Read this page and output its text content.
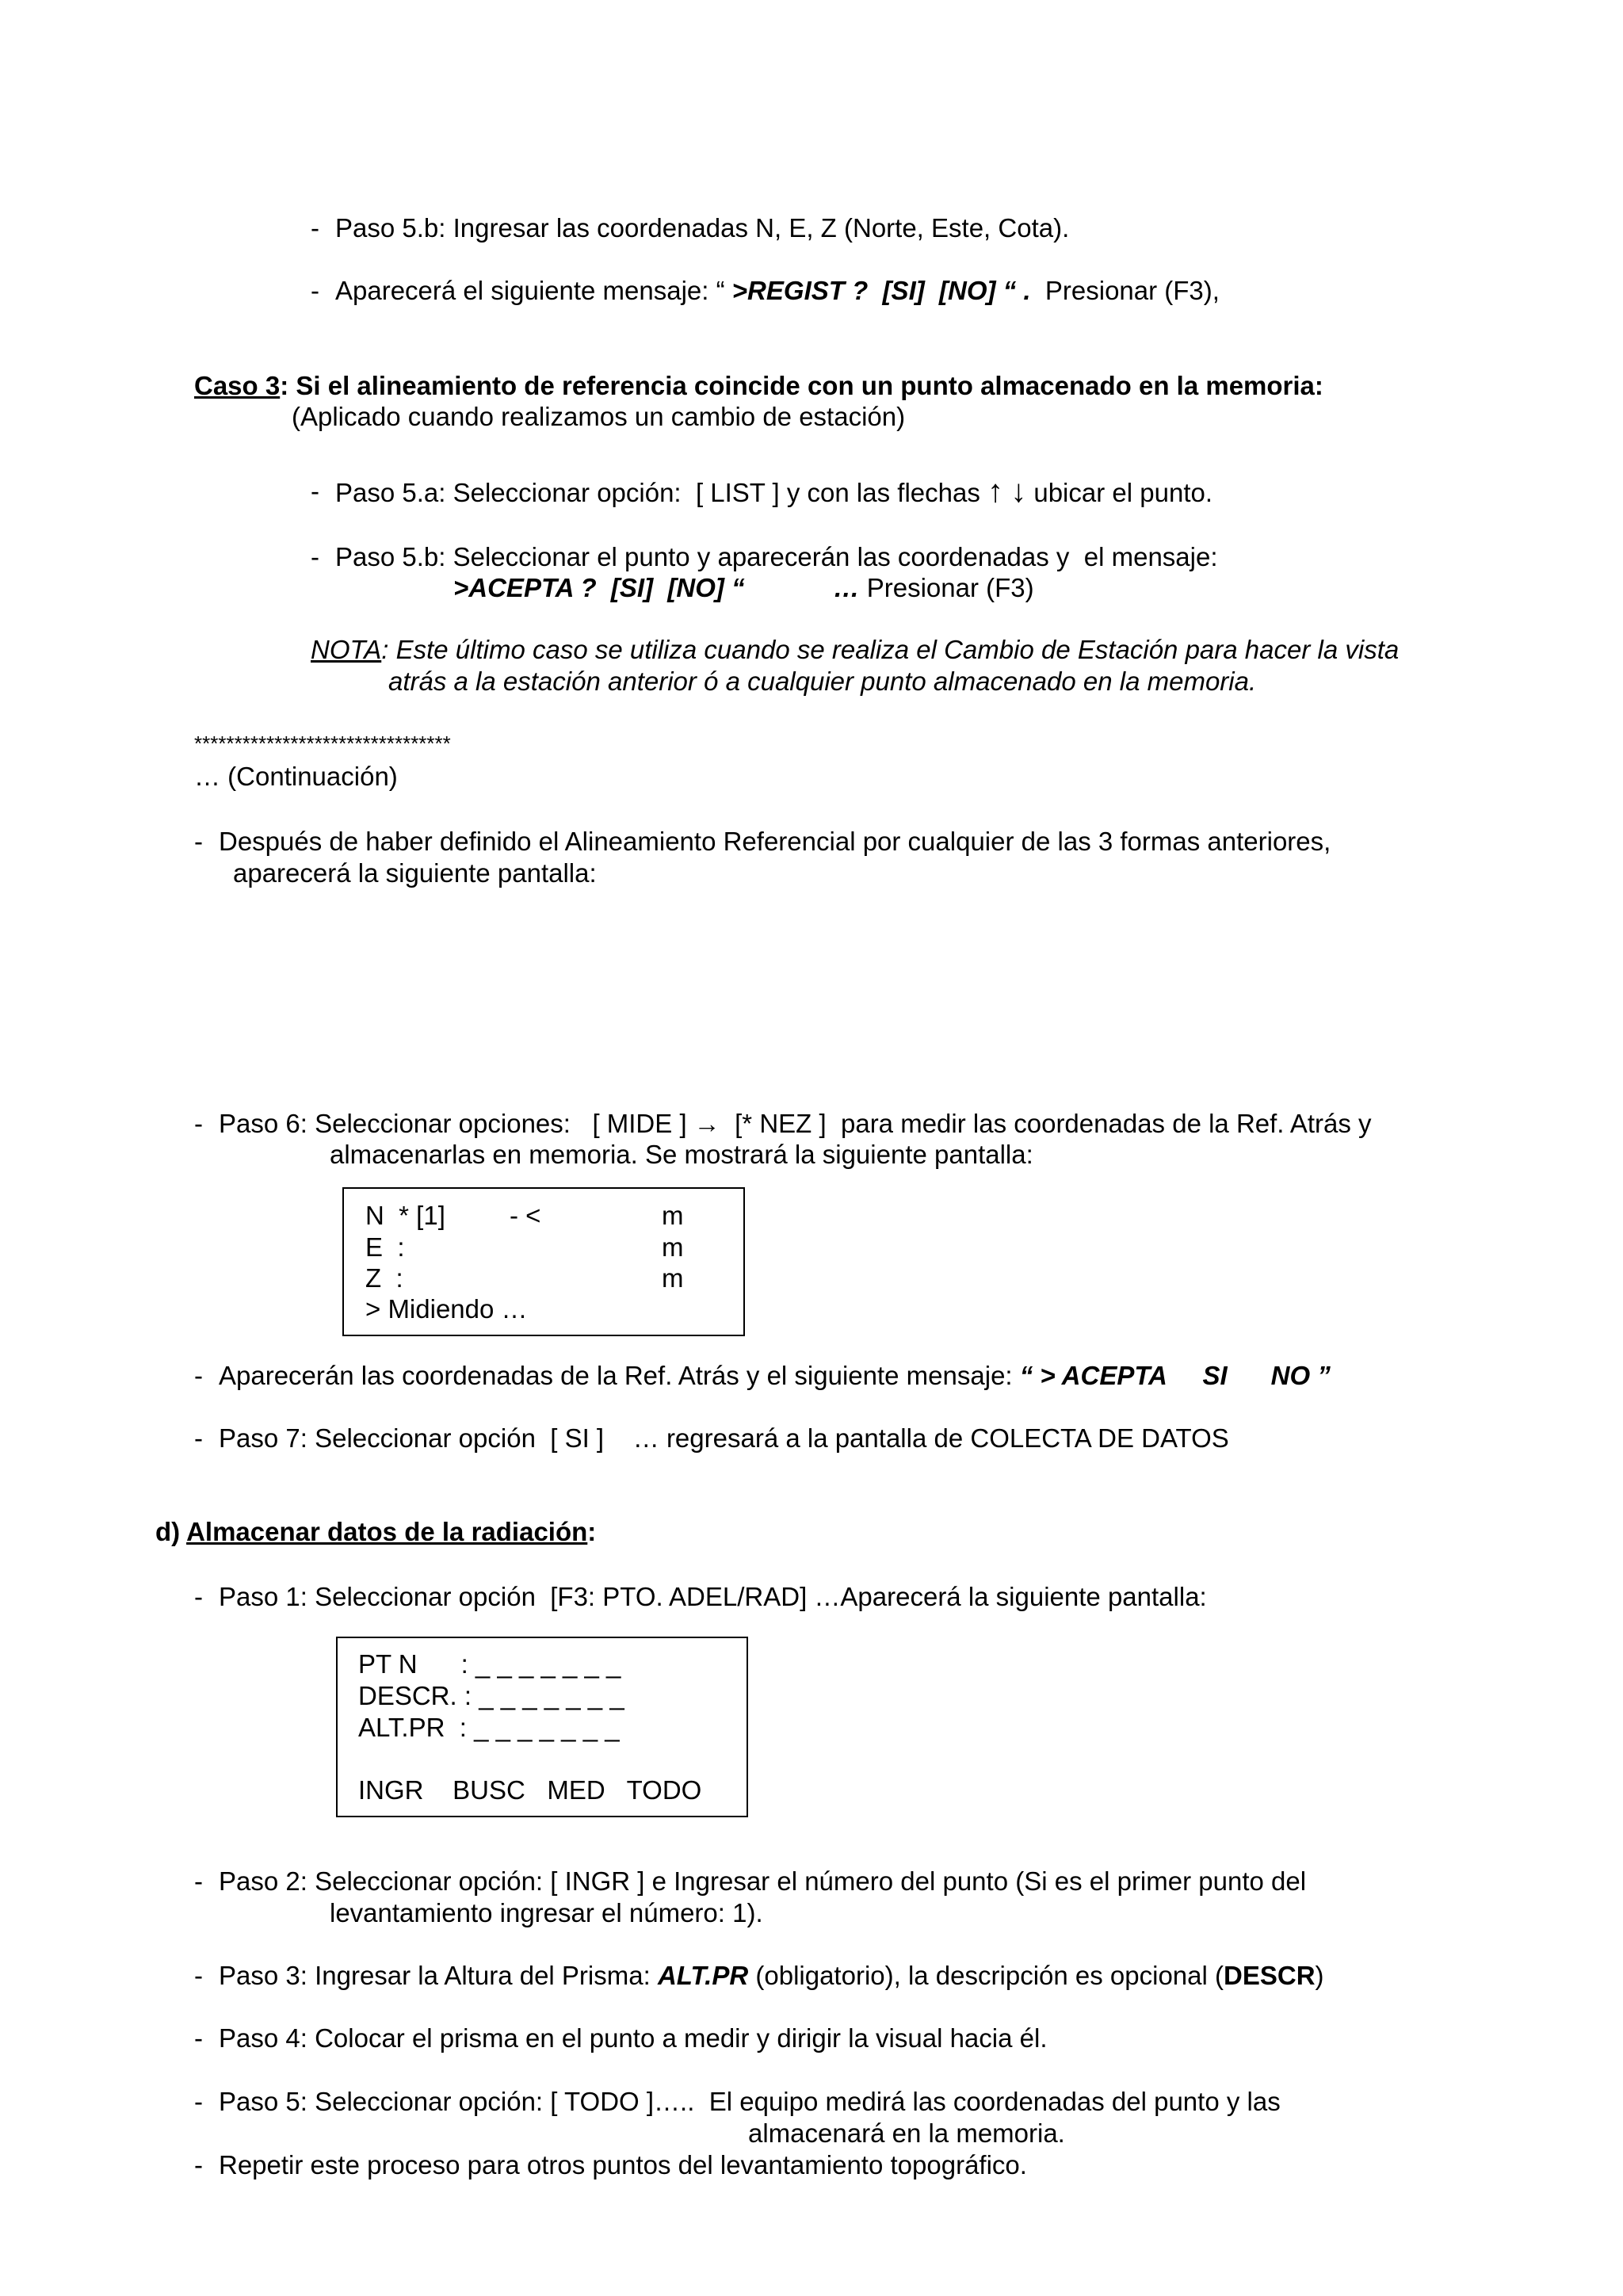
- Paso 5.b: Ingresar las coordenadas N, E, Z (Norte, Este, Cota).
- Aparecerá el siguiente mensaje: “ >REGIST ?  [SI]  [NO] “ .  Presionar (F3),
Caso 3: Si el alineamiento de referencia coincide con un punto almacenado en la memoria:
(Aplicado cuando realizamos un cambio de estación)
- Paso 5.a: Seleccionar opción:  [ LIST ] y con las flechas ↑ ↓ ubicar el punto.
- Paso 5.b: Seleccionar el punto y aparecerán las coordenadas y  el mensaje:
>ACEPTA ?  [SI]  [NO] “	… Presionar (F3)
NOTA: Este último caso se utiliza cuando se realiza el Cambio de Estación para hacer la vista
atrás a la estación anterior ó a cualquier punto almacenado en la memoria.
********************************
… (Continuación)
- Después de haber definido el Alineamiento Referencial por cualquier de las 3 formas anteriores,
aparecerá la siguiente pantalla:
- Paso 6: Seleccionar opciones:   [ MIDE ] →  [* NEZ ]  para medir las coordenadas de la Ref. Atrás y
almacenarlas en memoria. Se mostrará la siguiente pantalla:
N  * [1] - <	m
E  :	m
Z  :	m
> Midiendo …
- Aparecerán las coordenadas de la Ref. Atrás y el siguiente mensaje: “ > ACEPTA     SI      NO ”
- Paso 7: Seleccionar opción  [ SI ]    … regresará a la pantalla de COLECTA DE DATOS
d) Almacenar datos de la radiación:
- Paso 1: Seleccionar opción  [F3: PTO. ADEL/RAD] …Aparecerá la siguiente pantalla:
PT N      : _ _ _ _ _ _ _
DESCR. : _ _ _ _ _ _ _
ALT.PR  : _ _ _ _ _ _ _
INGR    BUSC   MED   TODO
- Paso 2: Seleccionar opción: [ INGR ] e Ingresar el número del punto (Si es el primer punto del
levantamiento ingresar el número: 1).
- Paso 3: Ingresar la Altura del Prisma: ALT.PR (obligatorio), la descripción es opcional (DESCR)
- Paso 4: Colocar el prisma en el punto a medir y dirigir la visual hacia él.
- Paso 5: Seleccionar opción: [ TODO ]…..  El equipo medirá las coordenadas del punto y las
almacenará en la memoria.
- Repetir este proceso para otros puntos del levantamiento topográfico.
